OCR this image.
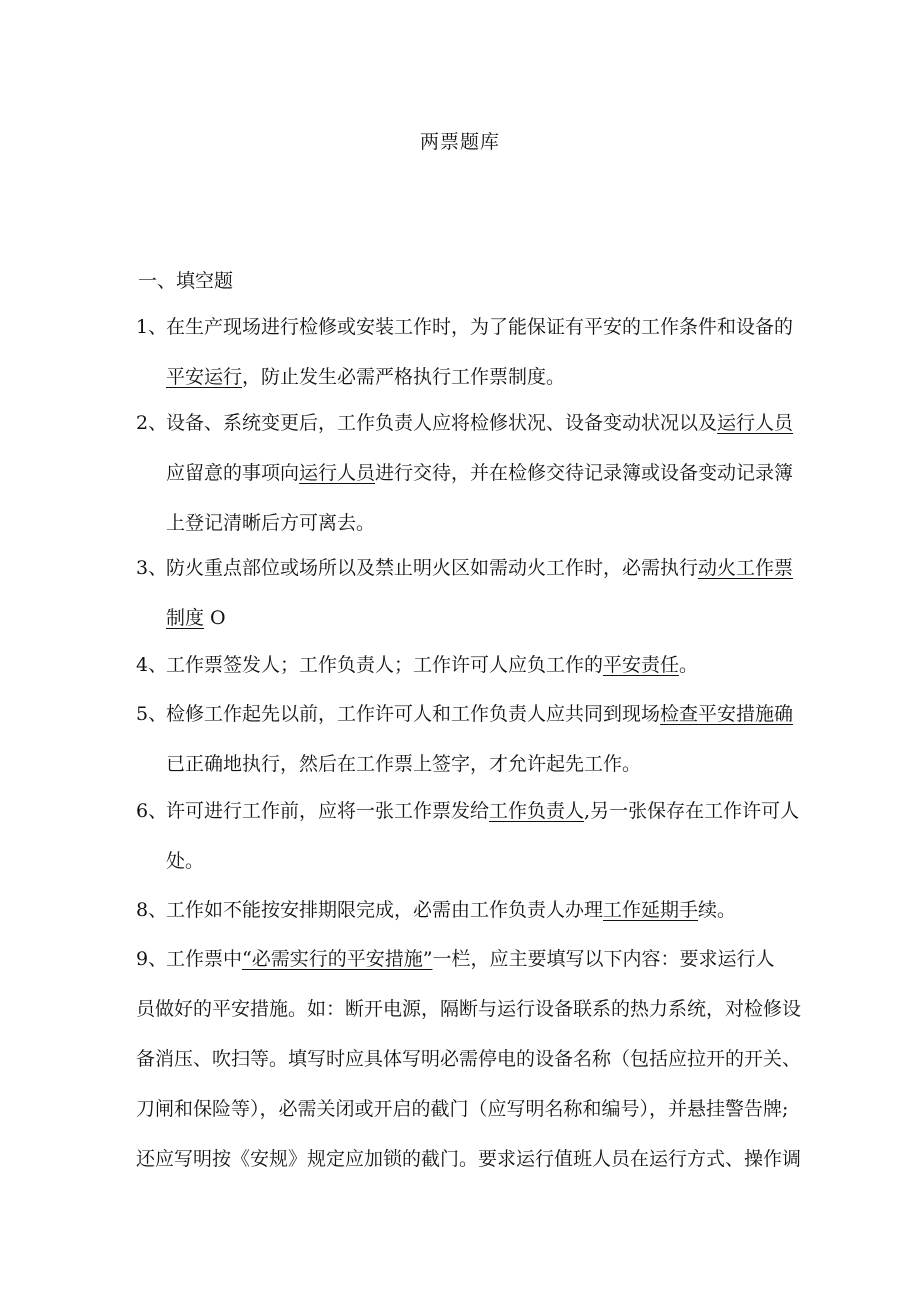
两票题库
一、填空题
1、在生产现场进行检修或安装工作时，为了能保证有平安的工作条件和设备的
平安运行，防止发生必需严格执行工作票制度。
2、设备、系统变更后，工作负责人应将检修状况、设备变动状况以及运行人员
应留意的事项向运行人员进行交待，并在检修交待记录簿或设备变动记录簿
上登记清晰后方可离去。
3、防火重点部位或场所以及禁止明火区如需动火工作时，必需执行动火工作票
制度 O
4、工作票签发人；工作负责人；工作许可人应负工作的平安责任。
5、检修工作起先以前，工作许可人和工作负责人应共同到现场检查平安措施确
已正确地执行，然后在工作票上签字，才允许起先工作。
6、许可进行工作前，应将一张工作票发给工作负责人,另一张保存在工作许可人
处。
8、工作如不能按安排期限完成，必需由工作负责人办理工作延期手续。
9、工作票中“必需实行的平安措施”一栏，应主要填写以下内容：要求运行人
员做好的平安措施。如：断开电源，隔断与运行设备联系的热力系统，对检修设
备消压、吹扫等。填写时应具体写明必需停电的设备名称（包括应拉开的开关、
刀闸和保险等），必需关闭或开启的截门（应写明名称和编号），并悬挂警告牌;
还应写明按《安规》规定应加锁的截门。要求运行值班人员在运行方式、操作调
